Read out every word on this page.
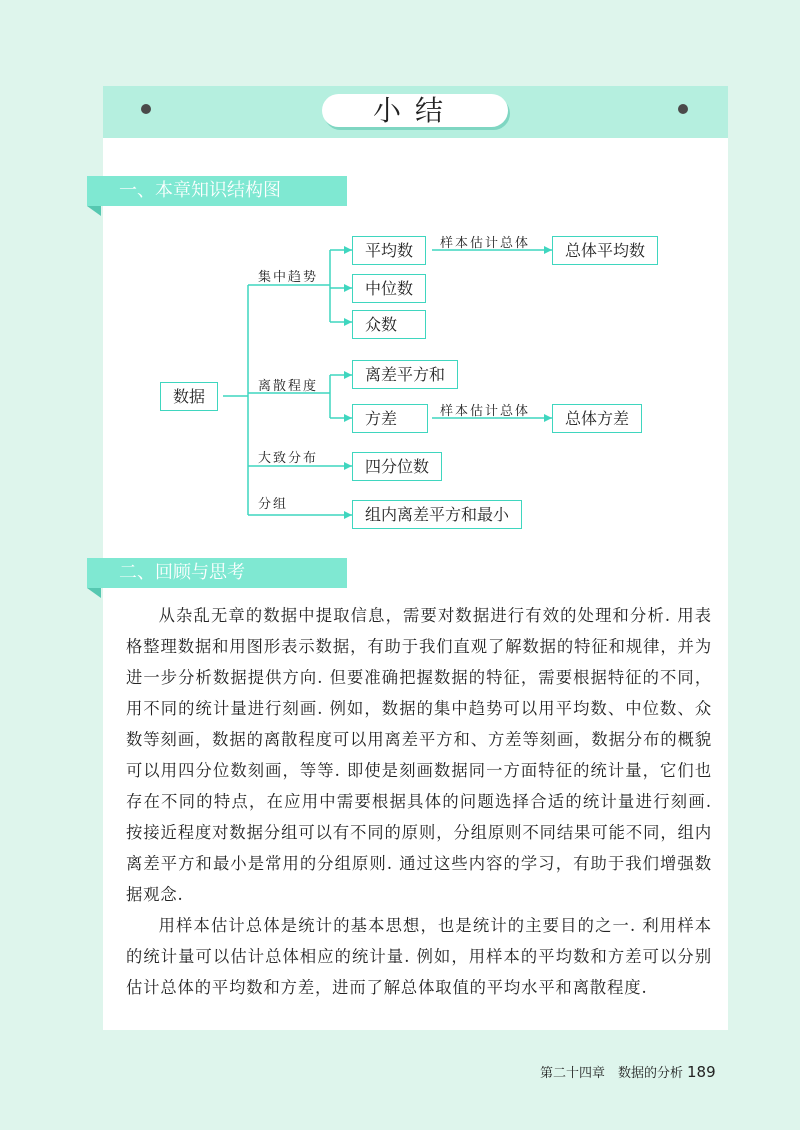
小结
一、本章知识结构图
数据
集中趋势
离散程度
大致分布
分组
平均数
中位数
众数
离差平方和
方差
四分位数
组内离差平方和最小
样本估计总体
样本估计总体
总体平均数
总体方差
二、回顾与思考

从杂乱无章的数据中提取信息，需要对数据进行有效的处理和分析. 用表格整理数据和用图形表示数据，有助于我们直观了解数据的特征和规律，并为进一步分析数据提供方向. 但要准确把握数据的特征，需要根据特征的不同，用不同的统计量进行刻画. 例如，数据的集中趋势可以用平均数、中位数、众数等刻画，数据的离散程度可以用离差平方和、方差等刻画，数据分布的概貌可以用四分位数刻画，等等. 即使是刻画数据同一方面特征的统计量，它们也存在不同的特点，在应用中需要根据具体的问题选择合适的统计量进行刻画. 按接近程度对数据分组可以有不同的原则，分组原则不同结果可能不同，组内离差平方和最小是常用的分组原则. 通过这些内容的学习，有助于我们增强数据观念.

用样本估计总体是统计的基本思想，也是统计的主要目的之一. 利用样本的统计量可以估计总体相应的统计量. 例如，用样本的平均数和方差可以分别估计总体的平均数和方差，进而了解总体取值的平均水平和离散程度.

第二十四章　数据的分析 189
